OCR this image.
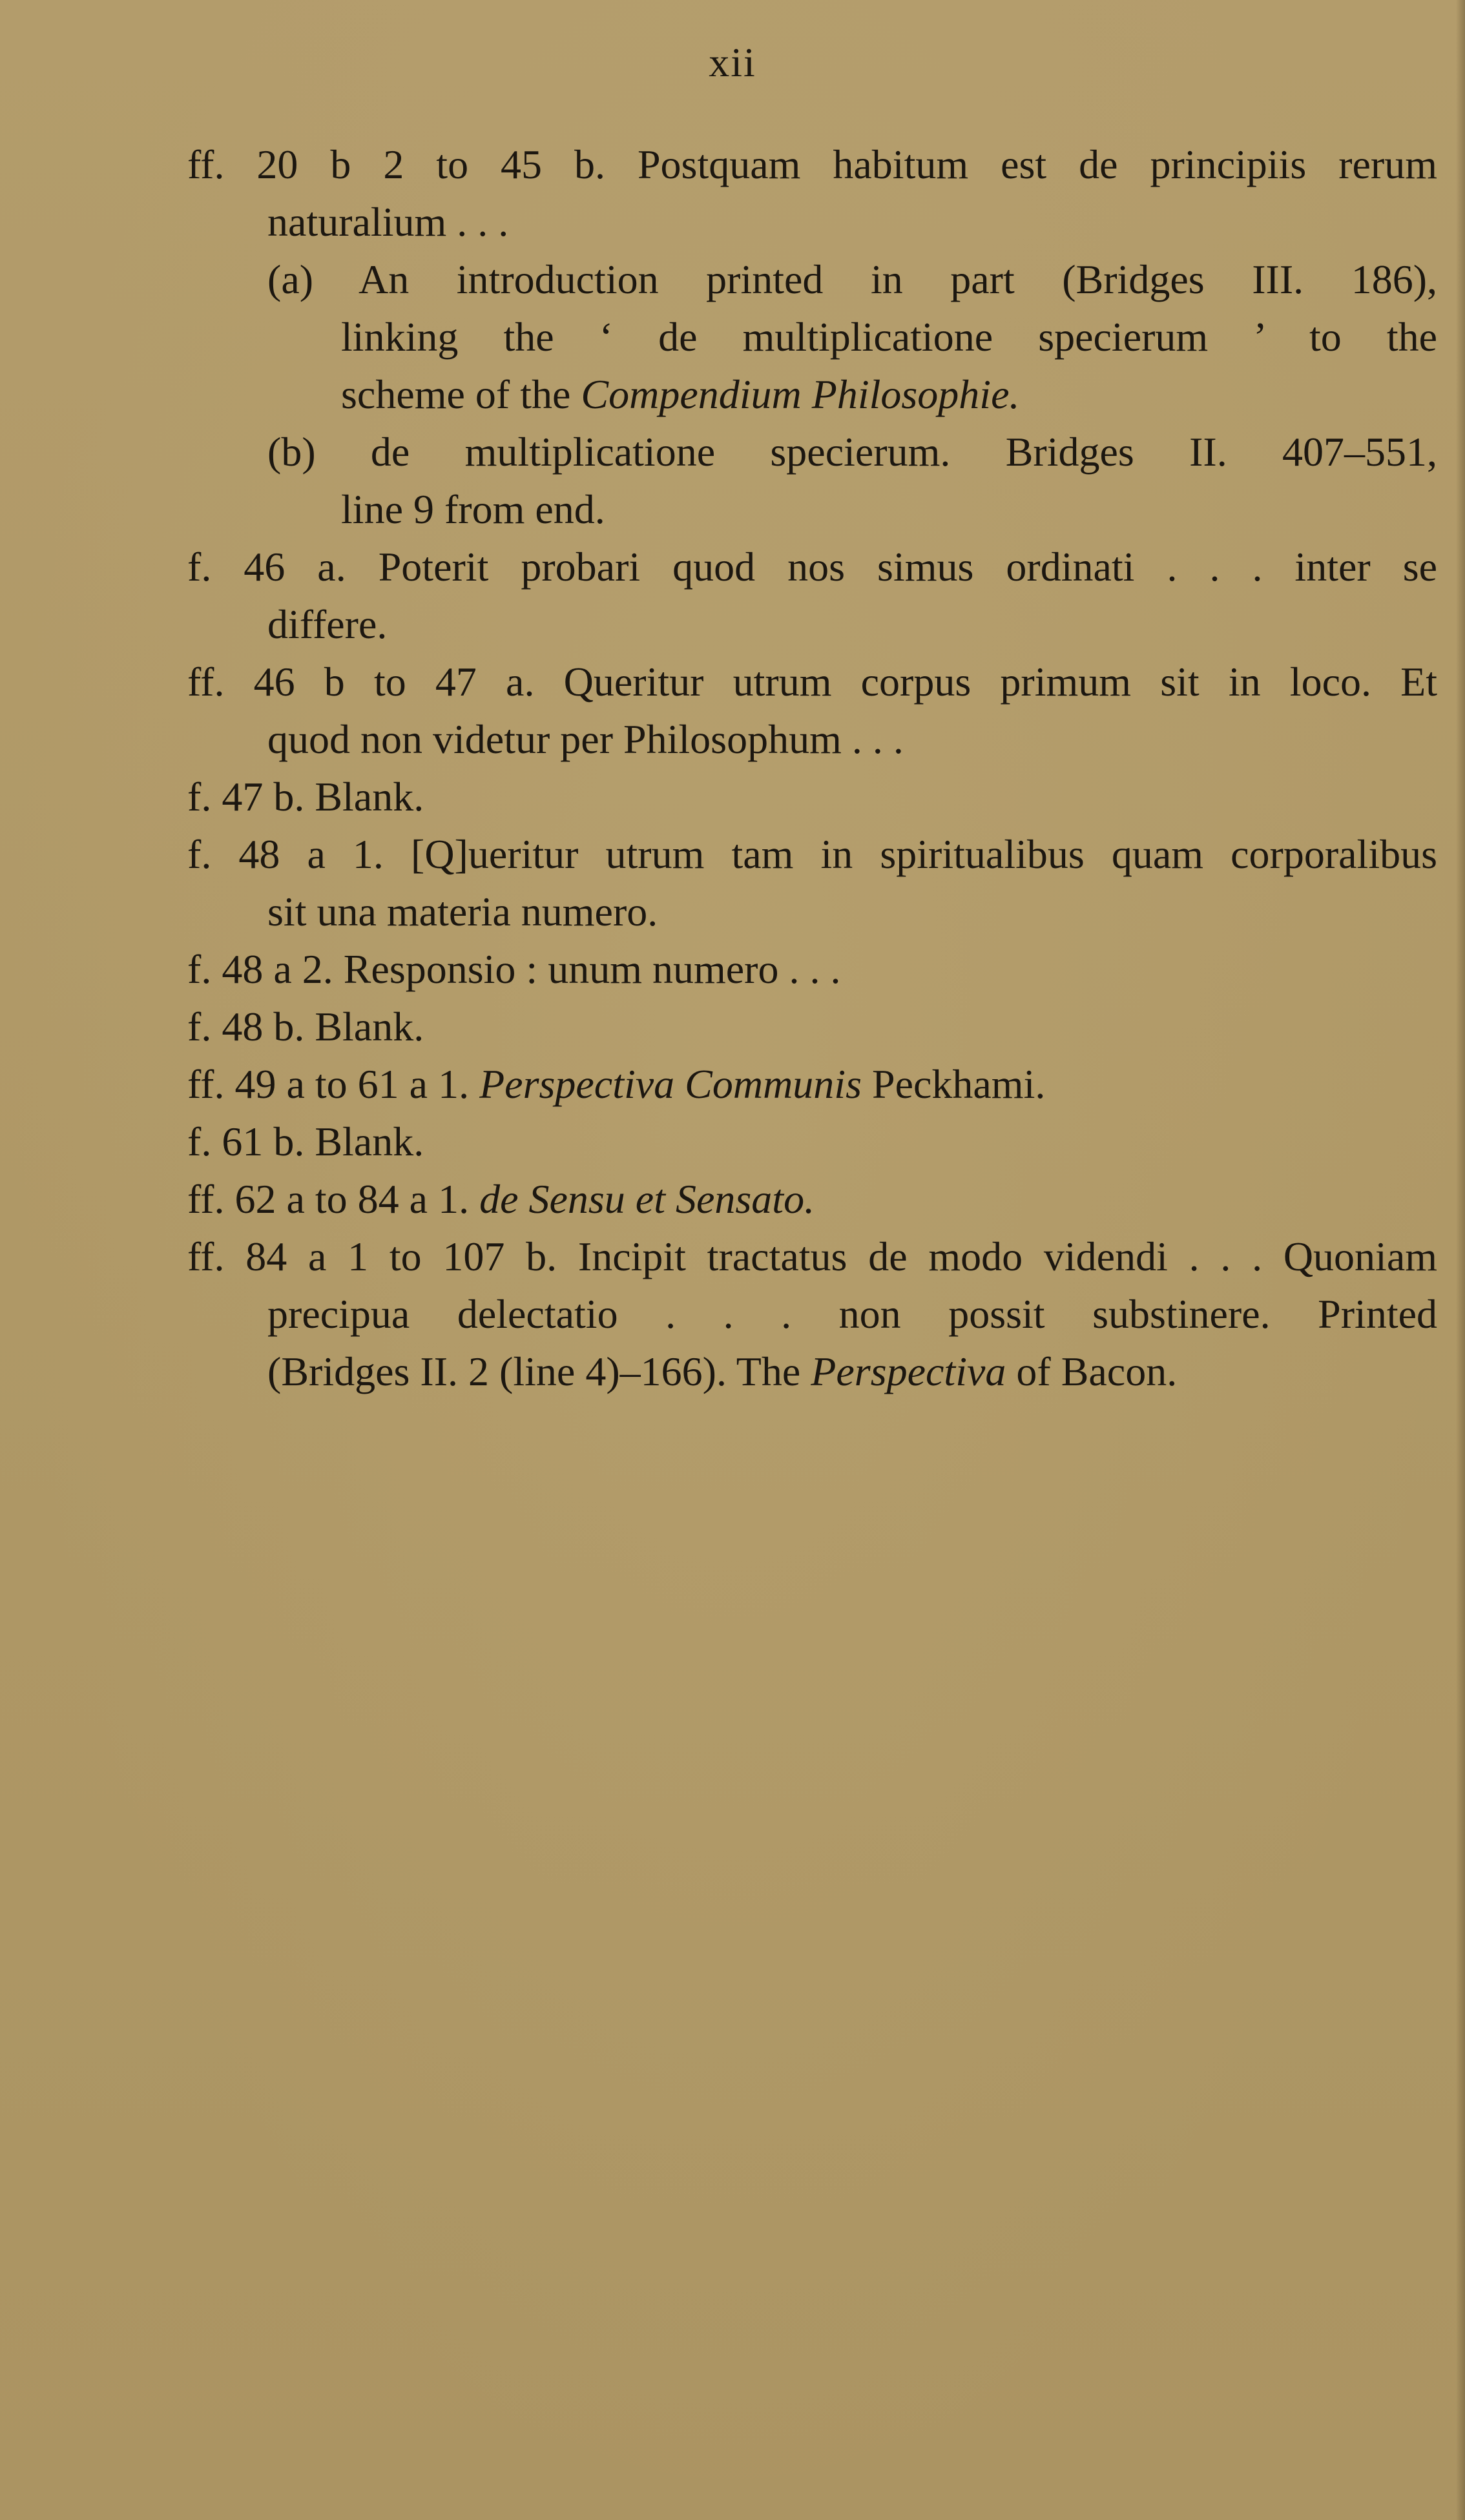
xii
ff. 20 b 2 to 45 b. Postquam habitum est de principiis rerum
naturalium . . .
(a) An introduction printed in part (Bridges III. 186),
linking the ‘ de multiplicatione specierum ’ to the
scheme of the Compendium Philosophie.
(b) de multiplicatione specierum. Bridges II. 407–551,
line 9 from end.
f. 46 a. Poterit probari quod nos simus ordinati . . . inter se
differe.
ff. 46 b to 47 a. Queritur utrum corpus primum sit in loco. Et
quod non videtur per Philosophum . . .
f. 47 b. Blank.
f. 48 a 1. [Q]ueritur utrum tam in spiritualibus quam corporalibus
sit una materia numero.
f. 48 a 2. Responsio : unum numero . . .
f. 48 b. Blank.
ff. 49 a to 61 a 1. Perspectiva Communis Peckhami.
f. 61 b. Blank.
ff. 62 a to 84 a 1. de Sensu et Sensato.
ff. 84 a 1 to 107 b. Incipit tractatus de modo videndi . . . Quoniam
precipua delectatio . . . non possit substinere. Printed
(Bridges II. 2 (line 4)–166). The Perspectiva of Bacon.
